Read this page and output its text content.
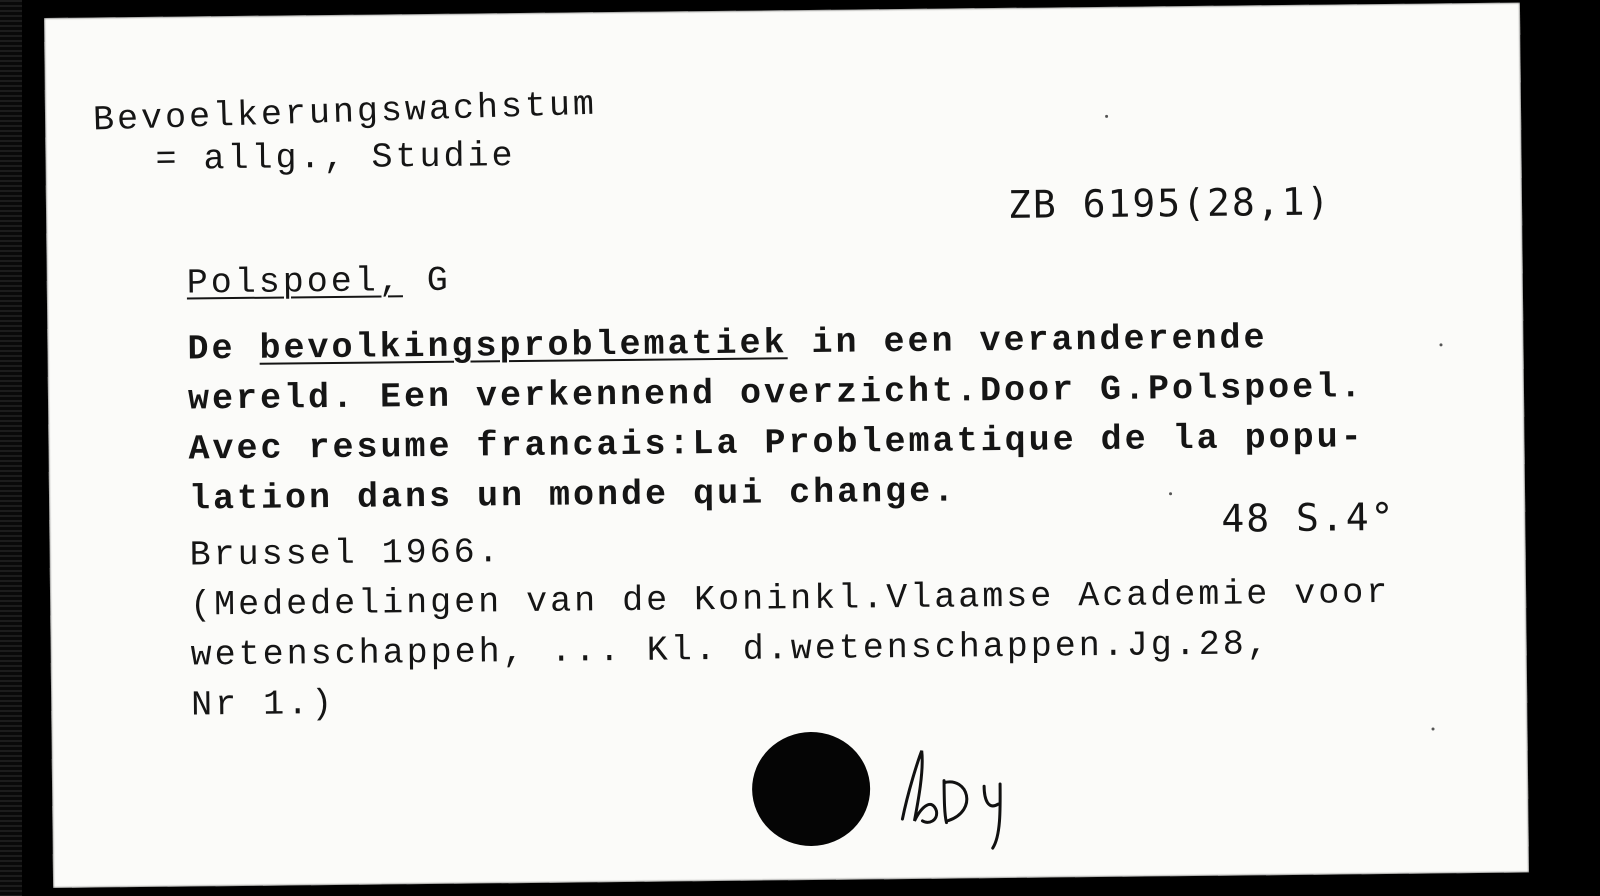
Bevoelkerungswachstum
= allg., Studie
ZB 6195(28,1)
Polspoel, G
De bevolkingsproblematiek in een veranderende
wereld. Een verkennend overzicht.Door G.Polspoel.
Avec resume francais:La Problematique de la popu-
lation dans un monde qui change.	48 S.4°
Brussel 1966.
(Mededelingen van de Koninkl.Vlaamse Academie voor
wetenschappeh, ... Kl. d.wetenschappen.Jg.28,
Nr 1.)
